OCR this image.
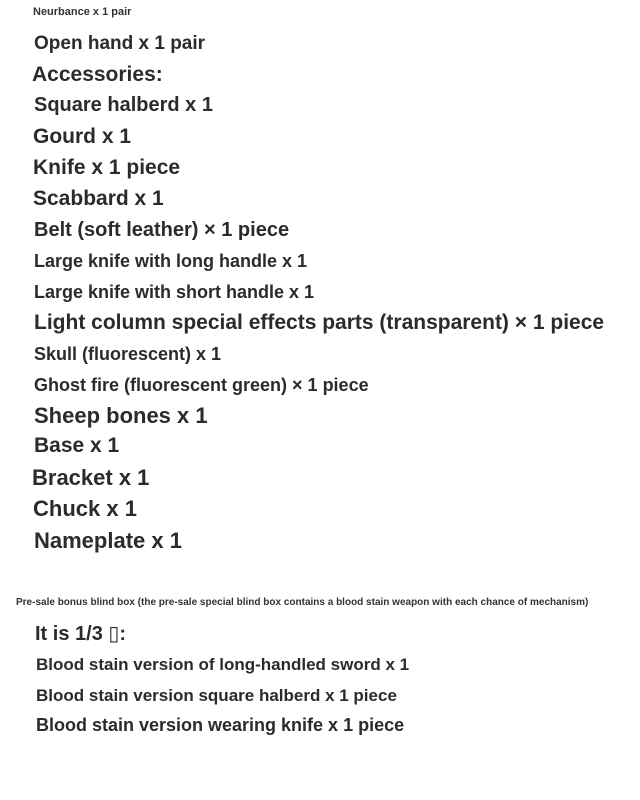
Neurbance x 1 pair
Open hand x 1 pair
Accessories:
Square halberd x 1
Gourd x 1
Knife x 1 piece
Scabbard x 1
Belt (soft leather) × 1 piece
Large knife with long handle x 1
Large knife with short handle x 1
Light column special effects parts (transparent) × 1 piece
Skull (fluorescent) x 1
Ghost fire (fluorescent green) × 1 piece
Sheep bones x 1
Base x 1
Bracket x 1
Chuck x 1
Nameplate x 1
Pre-sale bonus blind box (the pre-sale special blind box contains a blood stain weapon with each chance of mechanism)
It is 1/3 ▯:
Blood stain version of long-handled sword x 1
Blood stain version square halberd x 1 piece
Blood stain version wearing knife x 1 piece
